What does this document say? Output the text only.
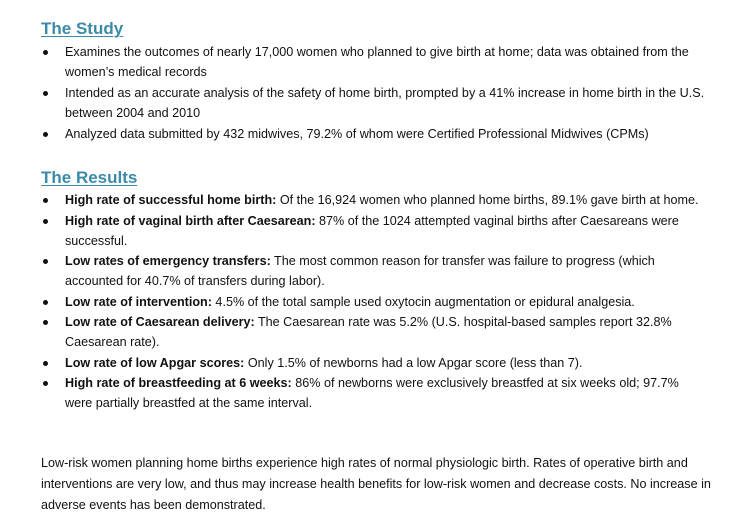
The Study
Examines the outcomes of nearly 17,000 women who planned to give birth at home; data was obtained from the women’s medical records
Intended as an accurate analysis of the safety of home birth, prompted by a 41% increase in home birth in the U.S. between 2004 and 2010
Analyzed data submitted by 432 midwives, 79.2% of whom were Certified Professional Midwives (CPMs)
The Results
High rate of successful home birth: Of the 16,924 women who planned home births, 89.1% gave birth at home.
High rate of vaginal birth after Caesarean: 87% of the 1024 attempted vaginal births after Caesareans were successful.
Low rates of emergency transfers: The most common reason for transfer was failure to progress (which accounted for 40.7% of transfers during labor).
Low rate of intervention: 4.5% of the total sample used oxytocin augmentation or epidural analgesia.
Low rate of Caesarean delivery: The Caesarean rate was 5.2% (U.S. hospital-based samples report 32.8% Caesarean rate).
Low rate of low Apgar scores: Only 1.5% of newborns had a low Apgar score (less than 7).
High rate of breastfeeding at 6 weeks: 86% of newborns were exclusively breastfed at six weeks old; 97.7% were partially breastfed at the same interval.

Low-risk women planning home births experience high rates of normal physiologic birth. Rates of operative birth and interventions are very low, and thus may increase health benefits for low-risk women and decrease costs. No increase in adverse events has been demonstrated.
